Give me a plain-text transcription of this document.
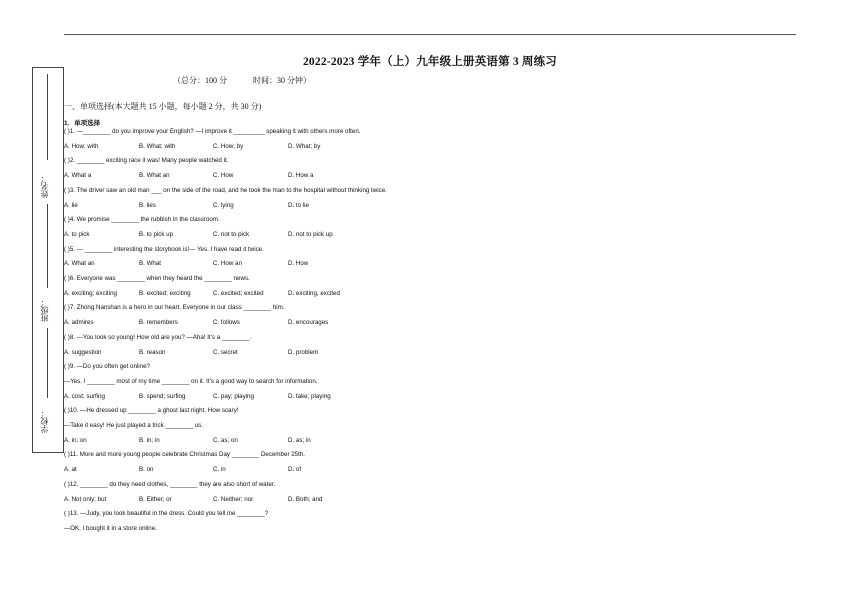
2022-2023 学年（上）九年级上册英语第 3 周练习
（总分：100 分	时间：30 分钟）
姓名：
班级：
学校：
一、单项选择(本大题共 15 小题，每小题 2 分，共 30 分)
1．单项选择
( )1. —________ do you improve your English? —I improve it _________ speaking it with others more often.
A. How; with	B. What; with	C. How; by	D. What; by
( )2. ________ exciting race it was! Many people watched it.
A. What a	B. What an	C. How	D. How a
( )3. The driver saw an old man ___ on the side of the road, and he took the man to the hospital without thinking twice.
A. lie	B. lies	C. lying	D. to lie
( )4. We promise ________ the rubbish in the classroom.
A. to pick	B. to pick up	C. not to pick	D. not to pick up
( )5. — ________ interesting the storybook is!— Yes. I have read it twice.
A. What an	B. What	C. How an	D. How
( )6. Everyone was ________ when they heard the ________ news.
A. exciting; exciting	B. excited; exciting	C. excited; excited	D. exciting, excited
( )7. Zhong Nanshan is a hero in our heart. Everyone in our class ________ him.
A. admires	B. remembers	C. follows	D. encourages
( )8. —You look so young! How old are you? —Aha! It’s a ________.
A. suggestion	B. reason	C. secret	D. problem
( )9. —Do you often get online?
—Yes. I ________ most of my time ________ on it. It’s a good way to search for information.
A. cost; surfing	B. spend; surfing	C. pay; playing	D. take; playing
( )10. —He dressed up ________ a ghost last night. How scary!
—Take it easy! He just played a trick ________ us.
A. in; on	B. in; in	C. as; on	D. as; in
( )11. More and more young people celebrate Christmas Day ________ December 25th.
A. at	B. on	C. in	D. of
( )12. ________ do they need clothes, ________ they are also short of water.
A. Not only; but	B. Either; or	C. Neither; nor	D. Both; and
( )13. —Judy, you look beautiful in the dress. Could you tell me ________?
—OK. I bought it in a store online.
